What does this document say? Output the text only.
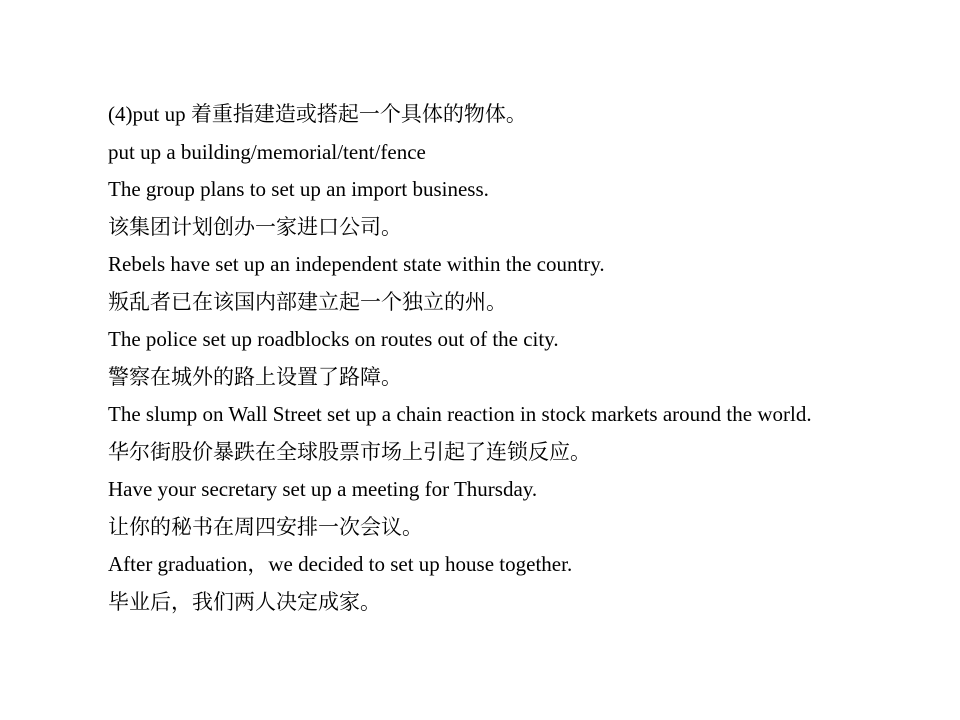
(4)put up 着重指建造或搭起一个具体的物体。
put up a building/memorial/tent/fence
The group plans to set up an import business.
该集团计划创办一家进口公司。
Rebels have set up an independent state within the country.
叛乱者已在该国内部建立起一个独立的州。
The police set up roadblocks on routes out of the city.
警察在城外的路上设置了路障。
The slump on Wall Street set up a chain reaction in stock markets around the world.
华尔街股价暴跌在全球股票市场上引起了连锁反应。
Have your secretary set up a meeting for Thursday.
让你的秘书在周四安排一次会议。
After graduation，we decided to set up house together.
毕业后，我们两人决定成家。
